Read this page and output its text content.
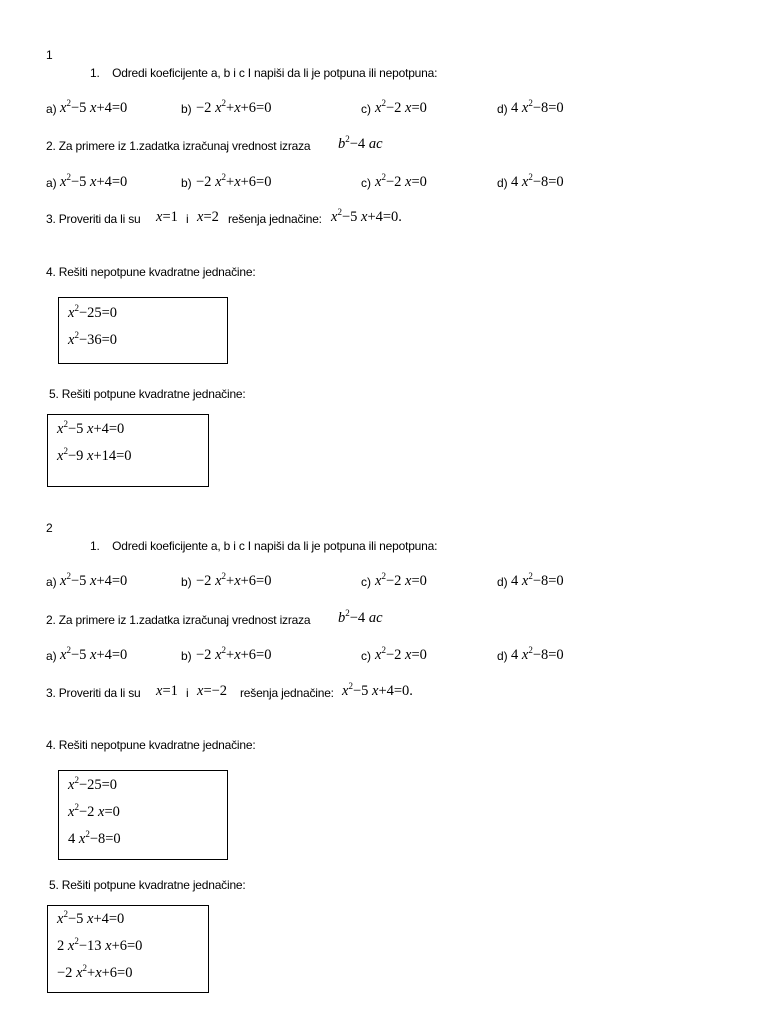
1
1.    Odredi koeficijente a, b i c I napiši da li je potpuna ili nepotpuna:
a) $x^2-5$ x+4=0	b) −2 $x^2+x+6=0$	c) $x^2-2$ x=0	d) 4 $x^2-8=0$
2. Za primere iz 1.zadatka izračunaj vrednost izraza $b^2-4$ ac
a) $x^2-5$ x+4=0	b) −2 $x^2+x+6=0$	c) $x^2-2$ x=0	d) 4 $x^2-8=0$
3. Proveriti da li su x=1 i x=2 rešenja jednačine: $x^2-5$ x+4=0.
4. Rešiti nepotpune kvadratne jednačine:
$x^2-25=0$
$x^2-36=0$
5. Rešiti potpune kvadratne jednačine:
$x^2-5$ x+4=0
$x^2-9$ x+14=0
2
1.    Odredi koeficijente a, b i c I napiši da li je potpuna ili nepotpuna:
a) $x^2-5$ x+4=0	b) −2 $x^2+x+6=0$	c) $x^2-2$ x=0	d) 4 $x^2-8=0$
2. Za primere iz 1.zadatka izračunaj vrednost izraza $b^2-4$ ac
a) $x^2-5$ x+4=0	b) −2 $x^2+x+6=0$	c) $x^2-2$ x=0	d) 4 $x^2-8=0$
3. Proveriti da li su x=1 i x=−2 rešenja jednačine: $x^2-5$ x+4=0.
4. Rešiti nepotpune kvadratne jednačine:
$x^2-25=0$
$x^2-2$ x=0
4 $x^2-8=0$
5. Rešiti potpune kvadratne jednačine:
$x^2-5$ x+4=0
2 $x^2-13$ x+6=0
−2 $x^2+x+6=0$
